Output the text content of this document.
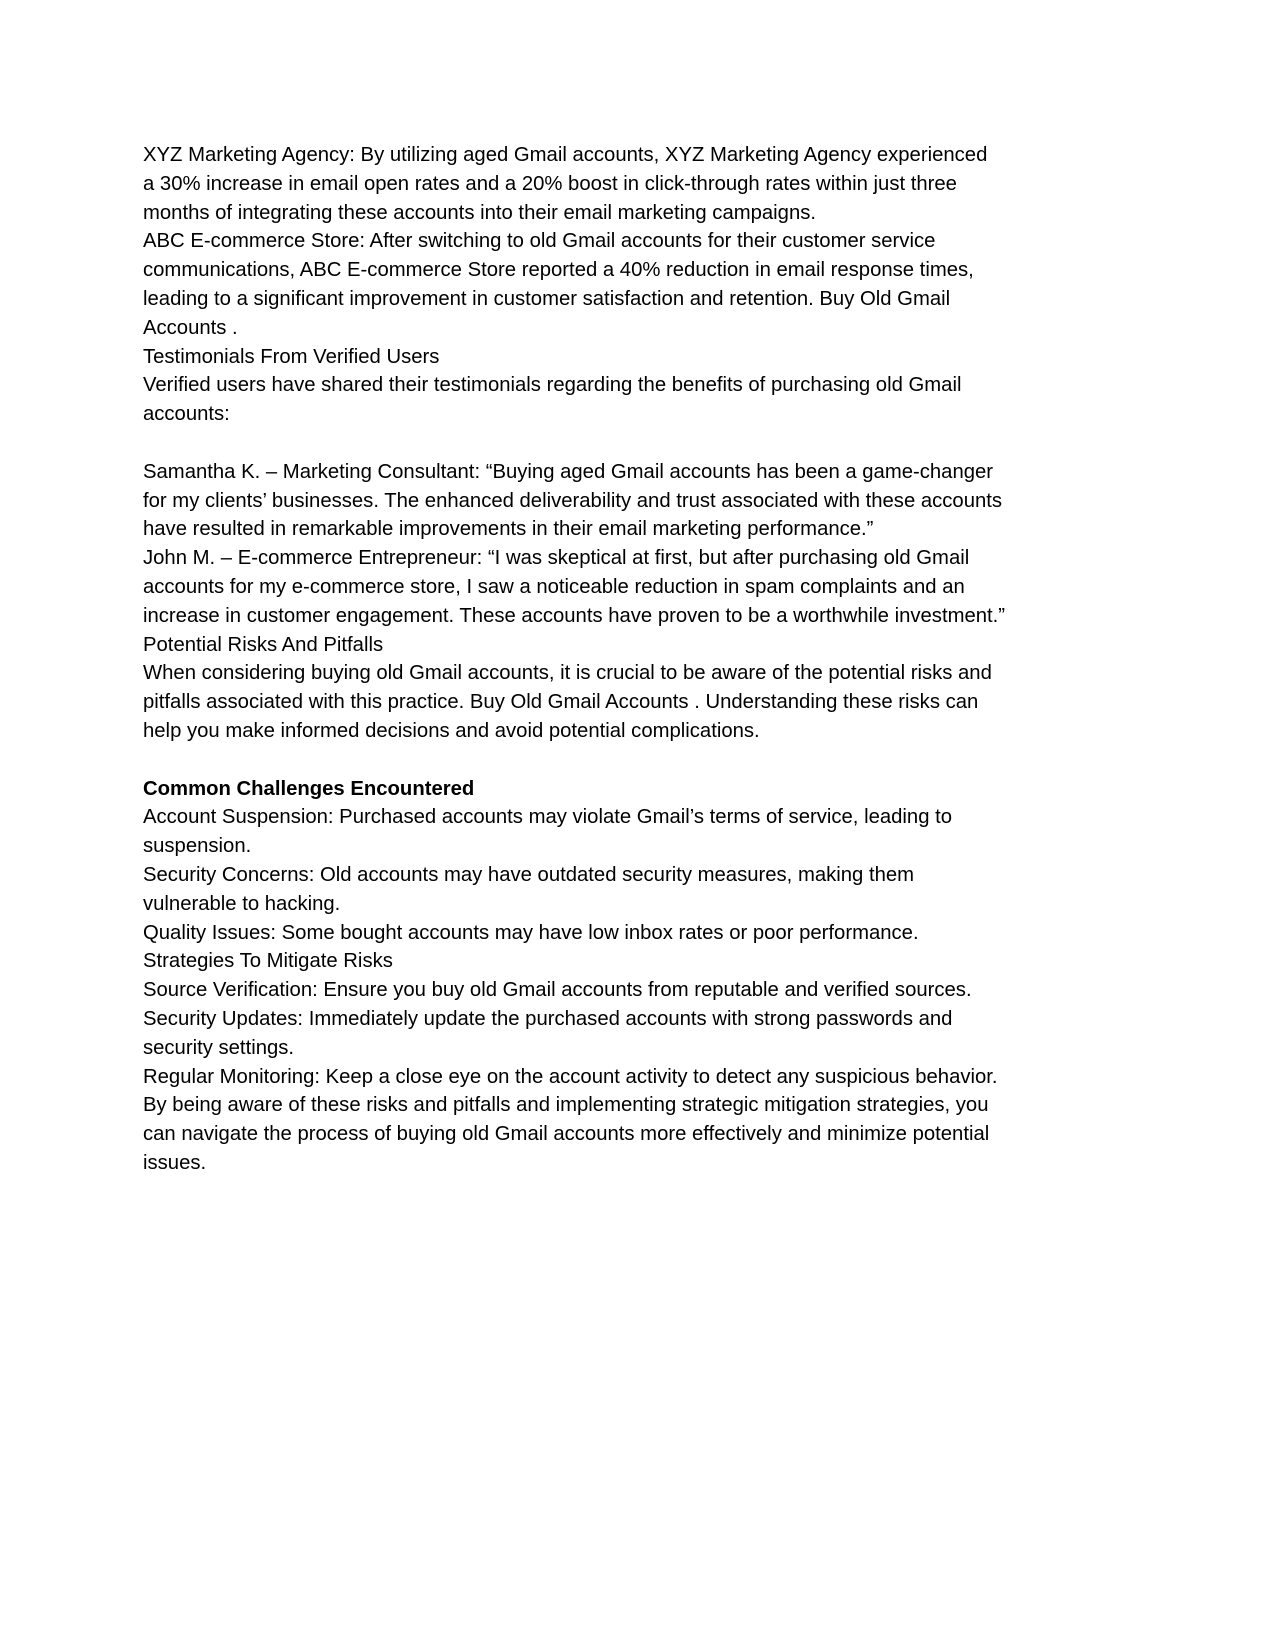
XYZ Marketing Agency: By utilizing aged Gmail accounts, XYZ Marketing Agency experienced
a 30% increase in email open rates and a 20% boost in click-through rates within just three
months of integrating these accounts into their email marketing campaigns.
ABC E-commerce Store: After switching to old Gmail accounts for their customer service
communications, ABC E-commerce Store reported a 40% reduction in email response times,
leading to a significant improvement in customer satisfaction and retention. Buy Old Gmail
Accounts .
Testimonials From Verified Users
Verified users have shared their testimonials regarding the benefits of purchasing old Gmail
accounts:
Samantha K. – Marketing Consultant: “Buying aged Gmail accounts has been a game-changer
for my clients’ businesses. The enhanced deliverability and trust associated with these accounts
have resulted in remarkable improvements in their email marketing performance.”
John M. – E-commerce Entrepreneur: “I was skeptical at first, but after purchasing old Gmail
accounts for my e-commerce store, I saw a noticeable reduction in spam complaints and an
increase in customer engagement. These accounts have proven to be a worthwhile investment.”
Potential Risks And Pitfalls
When considering buying old Gmail accounts, it is crucial to be aware of the potential risks and
pitfalls associated with this practice. Buy Old Gmail Accounts . Understanding these risks can
help you make informed decisions and avoid potential complications.
Common Challenges Encountered
Account Suspension: Purchased accounts may violate Gmail’s terms of service, leading to
suspension.
Security Concerns: Old accounts may have outdated security measures, making them
vulnerable to hacking.
Quality Issues: Some bought accounts may have low inbox rates or poor performance.
Strategies To Mitigate Risks
Source Verification: Ensure you buy old Gmail accounts from reputable and verified sources.
Security Updates: Immediately update the purchased accounts with strong passwords and
security settings.
Regular Monitoring: Keep a close eye on the account activity to detect any suspicious behavior.
By being aware of these risks and pitfalls and implementing strategic mitigation strategies, you
can navigate the process of buying old Gmail accounts more effectively and minimize potential
issues.
